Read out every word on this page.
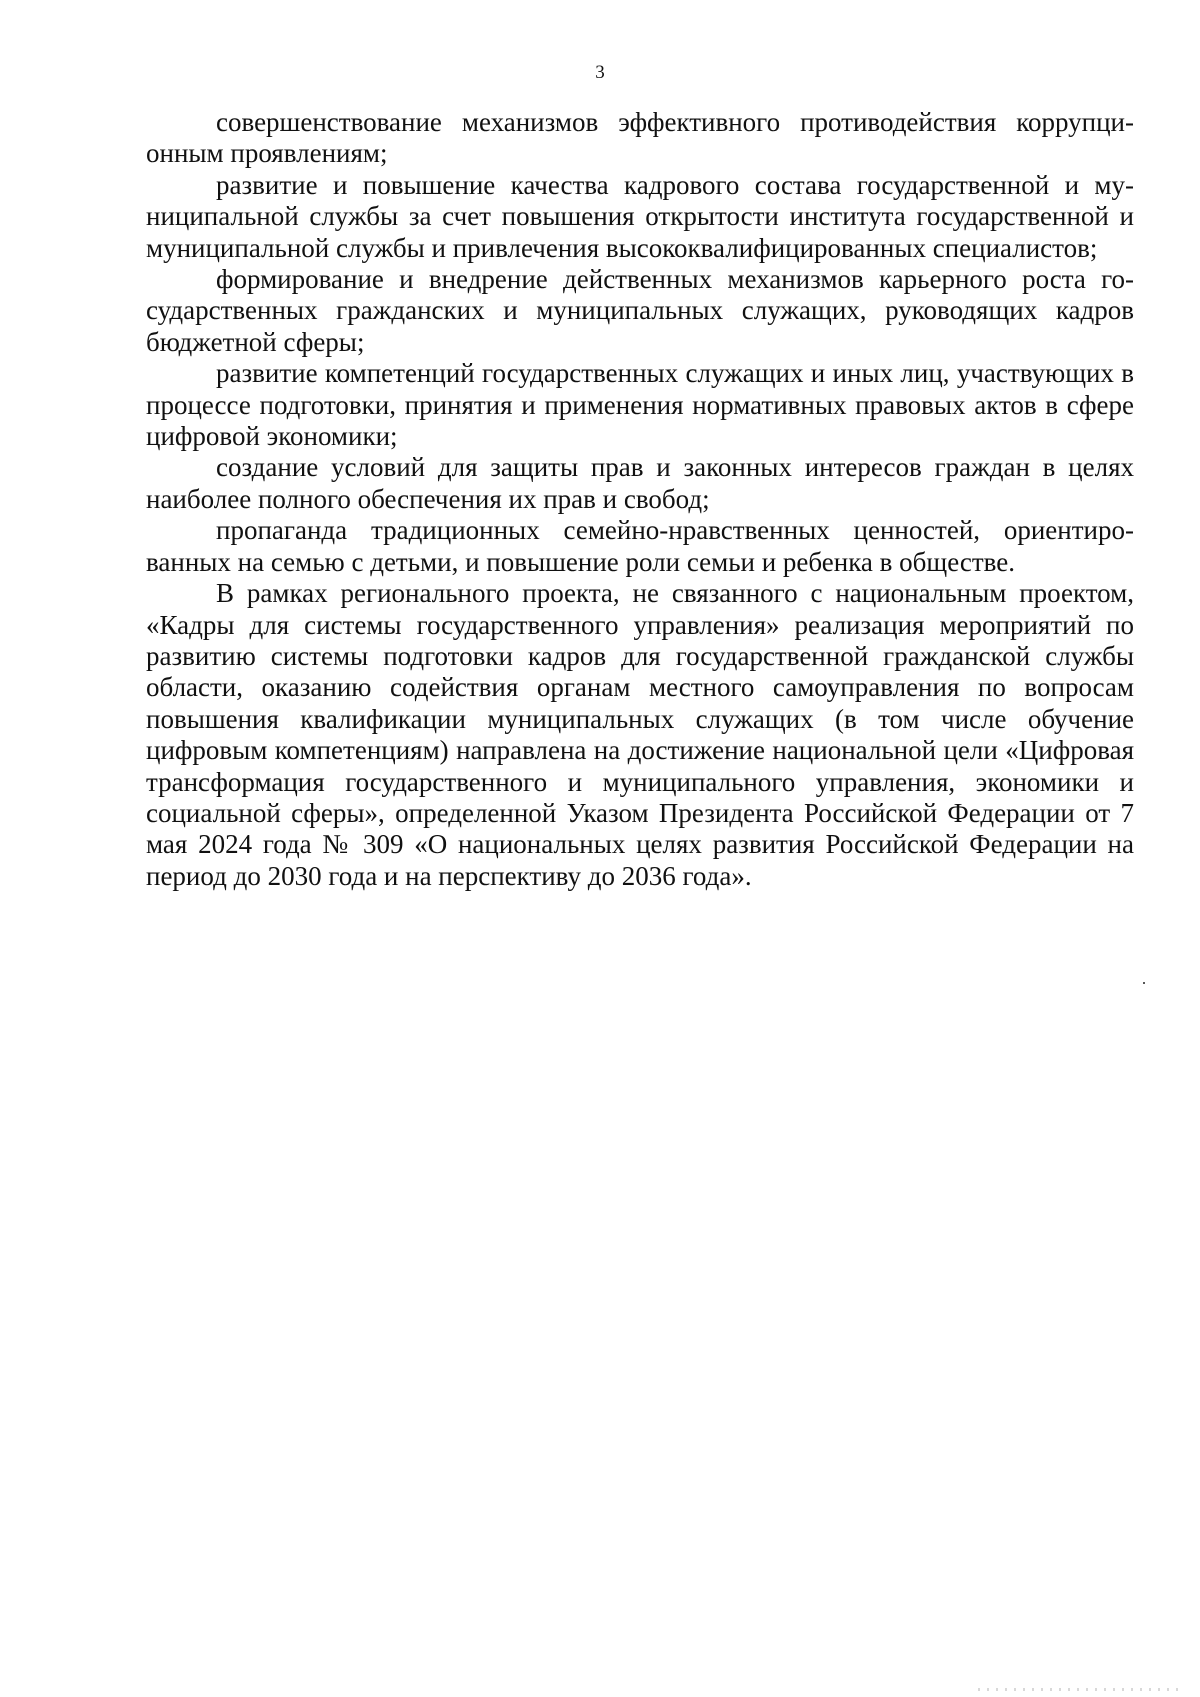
3

совершенствование механизмов эффективного противодействия коррупционным проявлениям;

развитие и повышение качества кадрового состава государственной и муниципальной службы за счет повышения открытости института государственной и муниципальной службы и привлечения высококвалифицированных специалистов;

формирование и внедрение действенных механизмов карьерного роста государственных гражданских и муниципальных служащих, руководящих кадров бюджетной сферы;

развитие компетенций государственных служащих и иных лиц, участвующих в процессе подготовки, принятия и применения нормативных правовых актов в сфере цифровой экономики;

создание условий для защиты прав и законных интересов граждан в целях наиболее полного обеспечения их прав и свобод;

пропаганда традиционных семейно-нравственных ценностей, ориентированных на семью с детьми, и повышение роли семьи и ребенка в обществе.

В рамках регионального проекта, не связанного с национальным проектом, «Кадры для системы государственного управления» реализация мероприятий по развитию системы подготовки кадров для государственной гражданской службы области, оказанию содействия органам местного самоуправления по вопросам повышения квалификации муниципальных служащих (в том числе обучение цифровым компетенциям) направлена на достижение национальной цели «Цифровая трансформация государственного и муниципального управления, экономики и социальной сферы», определенной Указом Президента Российской Федерации от 7 мая 2024 года № 309 «О национальных целях развития Российской Федерации на период до 2030 года и на перспективу до 2036 года».
